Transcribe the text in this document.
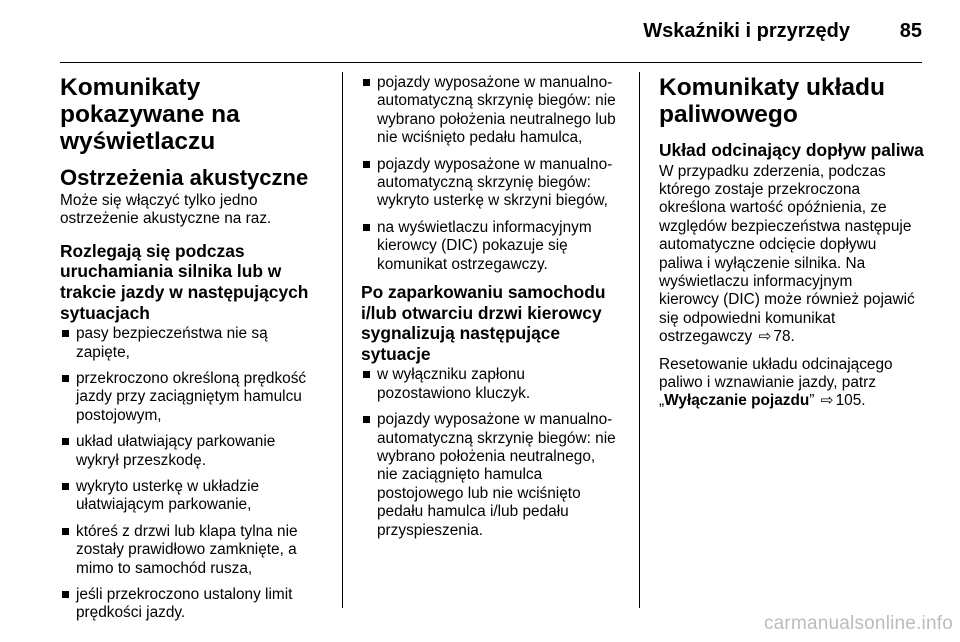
Wskaźniki i przyrzędy	85
Komunikaty
pokazywane na
wyświetlaczu
Ostrzeżenia akustyczne
Może się włączyć tylko jedno
ostrzeżenie akustyczne na raz.
Rozlegają się podczas
uruchamiania silnika lub w
trakcie jazdy w następujących
sytuacjach
pasy bezpieczeństwa nie są
zapięte,
przekroczono określoną prędkość
jazdy przy zaciągniętym hamulcu
postojowym,
układ ułatwiający parkowanie
wykrył przeszkodę.
wykryto usterkę w układzie
ułatwiającym parkowanie,
któreś z drzwi lub klapa tylna nie
zostały prawidłowo zamknięte, a
mimo to samochód rusza,
jeśli przekroczono ustalony limit
prędkości jazdy.
pojazdy wyposażone w manualno-
automatyczną skrzynię biegów: nie
wybrano położenia neutralnego lub
nie wciśnięto pedału hamulca,
pojazdy wyposażone w manualno-
automatyczną skrzynię biegów:
wykryto usterkę w skrzyni biegów,
na wyświetlaczu informacyjnym
kierowcy (DIC) pokazuje się
komunikat ostrzegawczy.
Po zaparkowaniu samochodu
i/lub otwarciu drzwi kierowcy
sygnalizują następujące
sytuacje
w wyłączniku zapłonu
pozostawiono kluczyk.
pojazdy wyposażone w manualno-
automatyczną skrzynię biegów: nie
wybrano położenia neutralnego,
nie zaciągnięto hamulca
postojowego lub nie wciśnięto
pedału hamulca i/lub pedału
przyspieszenia.
Komunikaty układu
paliwowego
Układ odcinający dopływ paliwa
W przypadku zderzenia, podczas
którego zostaje przekroczona
określona wartość opóźnienia, ze
względów bezpieczeństwa następuje
automatyczne odcięcie dopływu
paliwa i wyłączenie silnika. Na
wyświetlaczu informacyjnym
kierowcy (DIC) może również pojawić
się odpowiedni komunikat
ostrzegawczy ⇨ 78.
Resetowanie układu odcinającego
paliwo i wznawianie jazdy, patrz
„Wyłączanie pojazdu” ⇨ 105.
carmanualsonline.info
